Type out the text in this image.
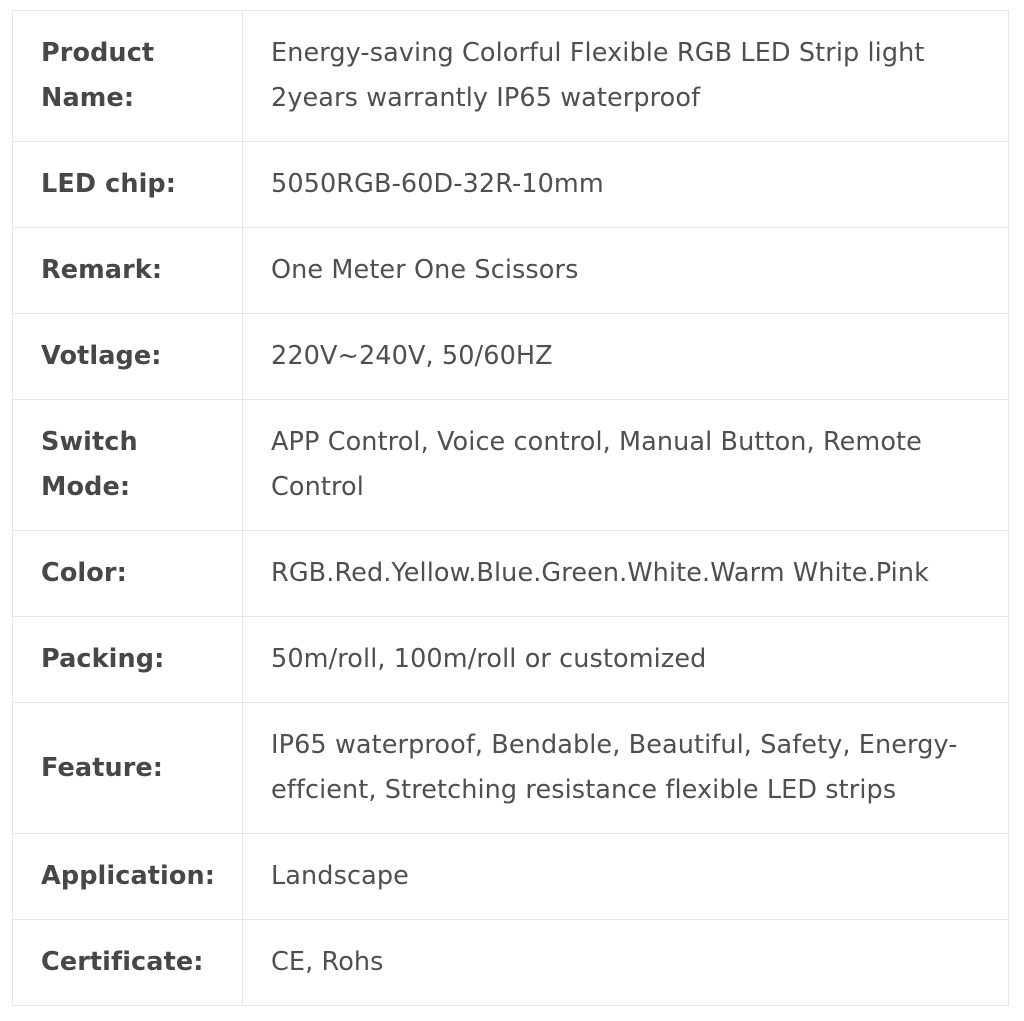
Product Name:	Energy-saving Colorful Flexible RGB LED Strip light 2years warrantly IP65 waterproof
LED chip:	5050RGB-60D-32R-10mm
Remark:	One Meter One Scissors
Votlage:	220V~240V, 50/60HZ
Switch Mode:	APP Control, Voice control, Manual Button, Remote Control
Color:	RGB.Red.Yellow.Blue.Green.White.Warm White.Pink
Packing:	50m/roll, 100m/roll or customized
Feature:	IP65 waterproof, Bendable, Beautiful, Safety, Energy-effcient, Stretching resistance flexible LED strips
Application:	Landscape
Certificate:	CE, Rohs
